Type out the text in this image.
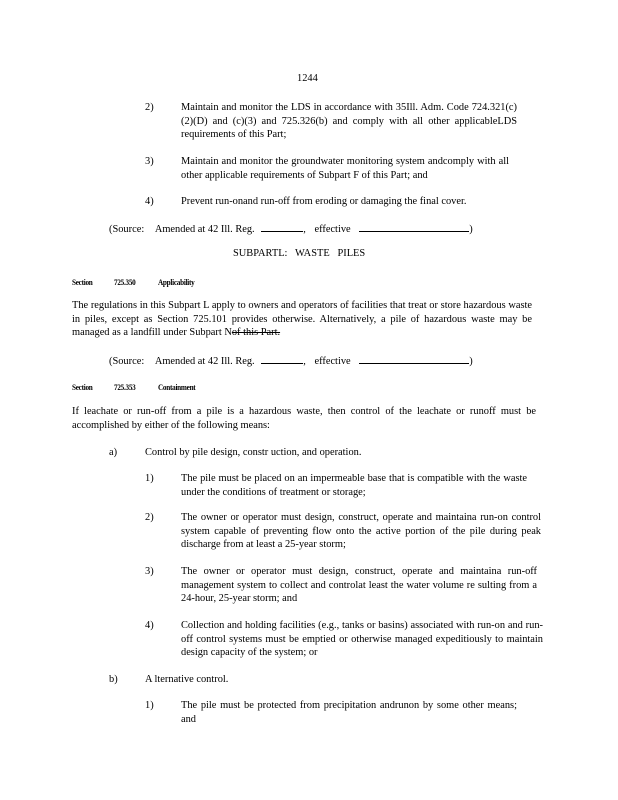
1244
2)	Maintain and monitor the LDS in accordance with 35Ill. Adm. Code 724.321(c)(2)(D) and (c)(3) and 725.326(b) and comply with all other applicableLDS requirements of this Part;
3)	Maintain and monitor the groundwater monitoring system andcomply with all other applicable requirements of Subpart F of this Part; and
4)	Prevent run-onand run-off from eroding or damaging the final cover.
(Source: Amended at 42 Ill. Reg.	, effective	)
SUBPARTL:   WASTE   PILES
Section	725.350	Applicability
The regulations in this Subpart L apply to owners and operators of facilities that treat or store hazardous waste in piles, except as Section 725.101 provides otherwise. Alternatively, a pile of hazardous waste may be managed as a landfill under Subpart Nof this Part.
(Source: Amended at 42 Ill. Reg.	, effective	)
Section	725.353	Containment
If leachate or run-off from a pile is a hazardous waste, then control of the leachate or runoff must be accomplished by either of the following means:
a)	Control by pile design, constr uction, and operation.
1)	The pile must be placed on an impermeable base that is compatible with the waste under the conditions of treatment or storage;
2)	The owner or operator must design, construct, operate and maintaina run-on control system capable of preventing flow onto the active portion of the pile during peak discharge from at least a 25-year storm;
3)	The owner or operator must design, construct, operate and maintaina run-off management system to collect and controlat least the water volume re sulting from a 24-hour, 25-year storm; and
4)	Collection and holding facilities (e.g., tanks or basins) associated with run-on and run-off control systems must be emptied or otherwise managed expeditiously to maintain design capacity of the system; or
b)	A lternative control.
1)	The pile must be protected from precipitation andrunon by some other means; and
